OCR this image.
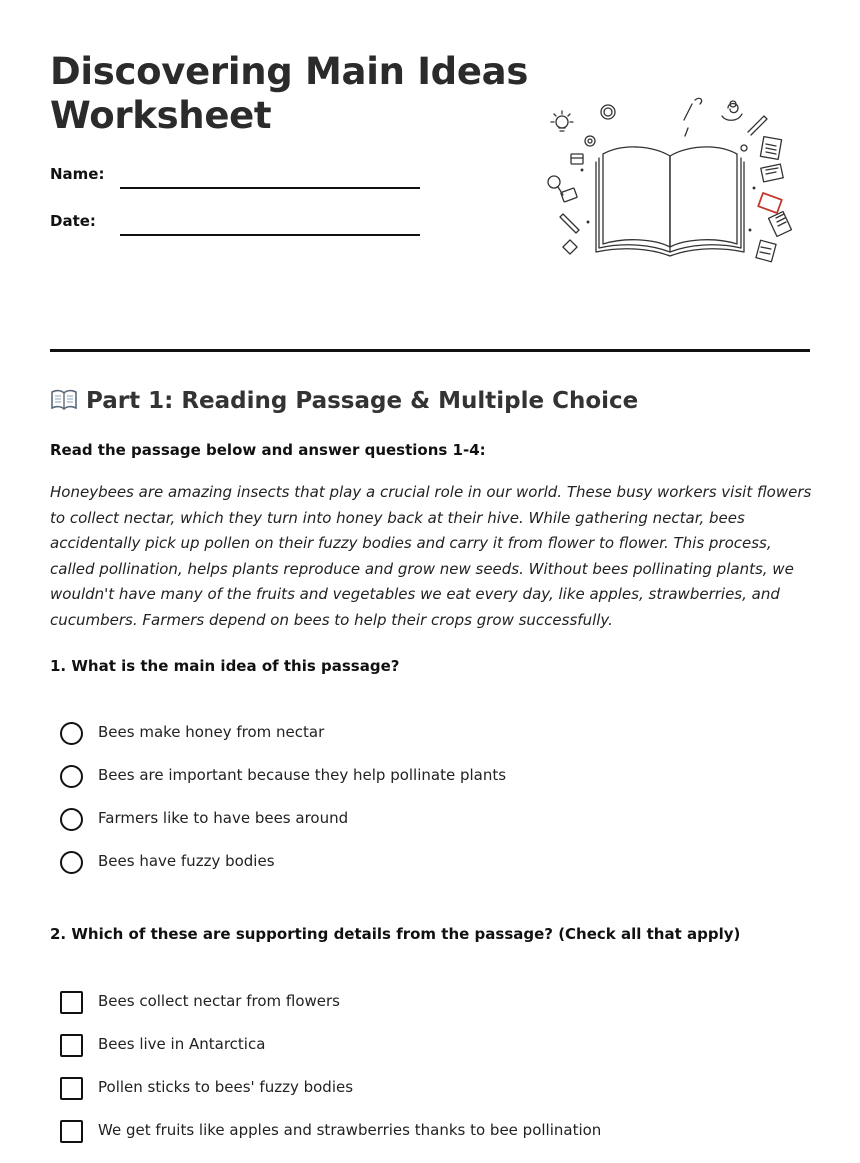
Discovering Main Ideas
Worksheet
Name:
Date:
Part 1: Reading Passage & Multiple Choice
Read the passage below and answer questions 1-4:

Honeybees are amazing insects that play a crucial role in our world. These busy workers visit flowers to collect nectar, which they turn into honey back at their hive. While gathering nectar, bees accidentally pick up pollen on their fuzzy bodies and carry it from flower to flower. This process, called pollination, helps plants reproduce and grow new seeds. Without bees pollinating plants, we wouldn't have many of the fruits and vegetables we eat every day, like apples, strawberries, and cucumbers. Farmers depend on bees to help their crops grow successfully.

1. What is the main idea of this passage?
Bees make honey from nectar
Bees are important because they help pollinate plants
Farmers like to have bees around
Bees have fuzzy bodies
2. Which of these are supporting details from the passage? (Check all that apply)
Bees collect nectar from flowers
Bees live in Antarctica
Pollen sticks to bees' fuzzy bodies
We get fruits like apples and strawberries thanks to bee pollination
